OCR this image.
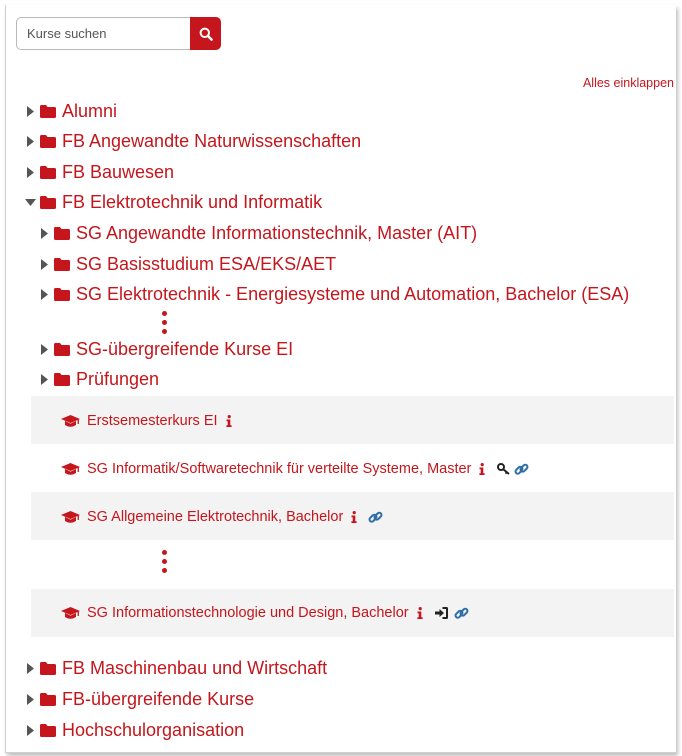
Kurse suchen
Alles einklappen
Alumni
FB Angewandte Naturwissenschaften
FB Bauwesen
FB Elektrotechnik und Informatik
SG Angewandte Informationstechnik, Master (AIT)
SG Basisstudium ESA/EKS/AET
SG Elektrotechnik - Energiesysteme und Automation, Bachelor (ESA)
SG-übergreifende Kurse EI
Prüfungen
Erstsemesterkurs EI
SG Informatik/Softwaretechnik für verteilte Systeme, Master
SG Allgemeine Elektrotechnik, Bachelor
SG Informationstechnologie und Design, Bachelor
FB Maschinenbau und Wirtschaft
FB-übergreifende Kurse
Hochschulorganisation
